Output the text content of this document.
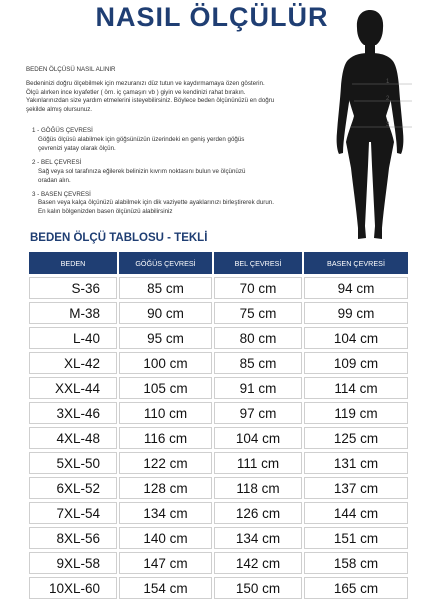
NASIL ÖLÇÜLÜR
BEDEN ÖLÇÜSÜ NASIL ALINIR
Bedeninizi doğru ölçebilmek için mezuranızı düz tutun ve kaydırmamaya özen gösterin.
Ölçü alırken ince kıyafetler ( örn. iç çamaşırı vb ) giyin ve kendinizi rahat bırakın.
Yakınlarınızdan size yardım etmelerini isteyebilirsiniz. Böylece beden ölçününüzü en doğru
şekilde almış olursunuz.
1 - GÖĞÜS ÇEVRESİ
Göğüs ölçüsü alabilmek için göğsünüzün üzerindeki en geniş yerden göğüs
çevrenizi yatay olarak ölçün.
2 - BEL ÇEVRESİ
Sağ veya sol tarafınıza eğilerek belinizin kıvrım noktasını bulun ve ölçünüzü
oradan alın.
3 - BASEN ÇEVRESİ
Basen veya kalça ölçünüzü alabilmek için dik vaziyette ayaklarınızı birleştirerek durun.
En kalın bölgenizden basen ölçünüzü alabilirsiniz
1
2
3
BEDEN ÖLÇÜ TABLOSU - TEKLİ
BEDEN	GÖĞÜS ÇEVRESİ	BEL ÇEVRESİ	BASEN ÇEVRESİ
S-36	85 cm	70 cm	94 cm
M-38	90 cm	75 cm	99 cm
L-40	95 cm	80 cm	104 cm
XL-42	100 cm	85 cm	109 cm
XXL-44	105 cm	91 cm	114 cm
3XL-46	110 cm	97 cm	119 cm
4XL-48	116 cm	104 cm	125 cm
5XL-50	122 cm	111 cm	131 cm
6XL-52	128 cm	118 cm	137 cm
7XL-54	134 cm	126 cm	144 cm
8XL-56	140 cm	134 cm	151 cm
9XL-58	147 cm	142 cm	158 cm
10XL-60	154 cm	150 cm	165 cm
